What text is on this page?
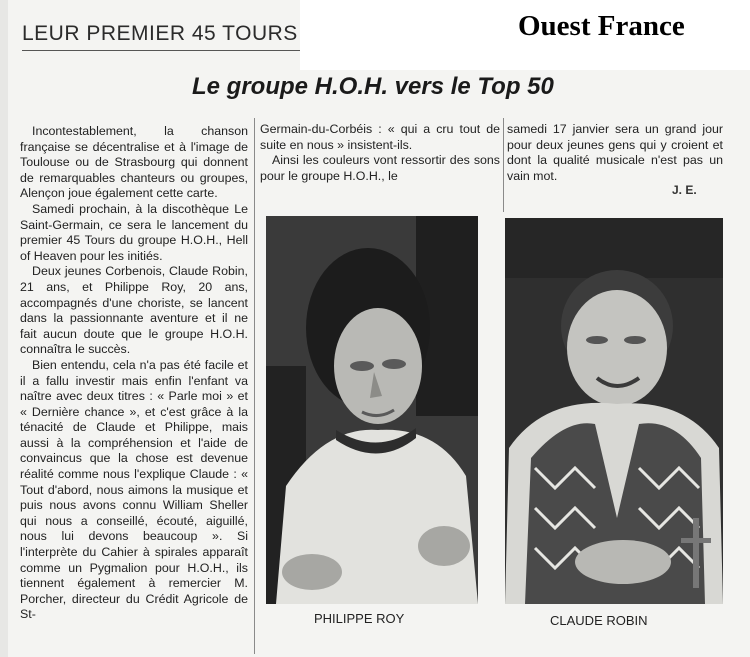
LEUR PREMIER 45 TOURS	Ouest France
Le groupe H.O.H. vers le Top 50

Incontestablement, la chanson française se décentralise et à l'image de Toulouse ou de Strasbourg qui donnent de remarquables chanteurs ou groupes, Alençon joue également cette carte.

Samedi prochain, à la discothèque Le Saint-Germain, ce sera le lancement du premier 45 Tours du groupe H.O.H., Hell of Heaven pour les initiés.

Deux jeunes Corbenois, Claude Robin, 21 ans, et Philippe Roy, 20 ans, accompagnés d'une choriste, se lancent dans la passionnante aventure et il ne fait aucun doute que le groupe H.O.H. connaîtra le succès.

Bien entendu, cela n'a pas été facile et il a fallu investir mais enfin l'enfant va naître avec deux titres : « Parle moi » et « Dernière chance », et c'est grâce à la ténacité de Claude et Philippe, mais aussi à la compréhension et l'aide de convaincus que la chose est devenue réalité comme nous l'explique Claude : « Tout d'abord, nous aimons la musique et puis nous avons connu William Sheller qui nous a conseillé, écouté, aiguillé, nous lui devons beaucoup ». Si l'interprète du Cahier à spirales apparaît comme un Pygmalion pour H.O.H., ils tiennent également à remercier M. Porcher, directeur du Crédit Agricole de St-

Germain-du-Corbéis : « qui a cru tout de suite en nous » insistent-ils.

Ainsi les couleurs vont ressortir des sons pour le groupe H.O.H., le

samedi 17 janvier sera un grand jour pour deux jeunes gens qui y croient et dont la qualité musicale n'est pas un vain mot.

J. E.
PHILIPPE ROY	CLAUDE ROBIN
